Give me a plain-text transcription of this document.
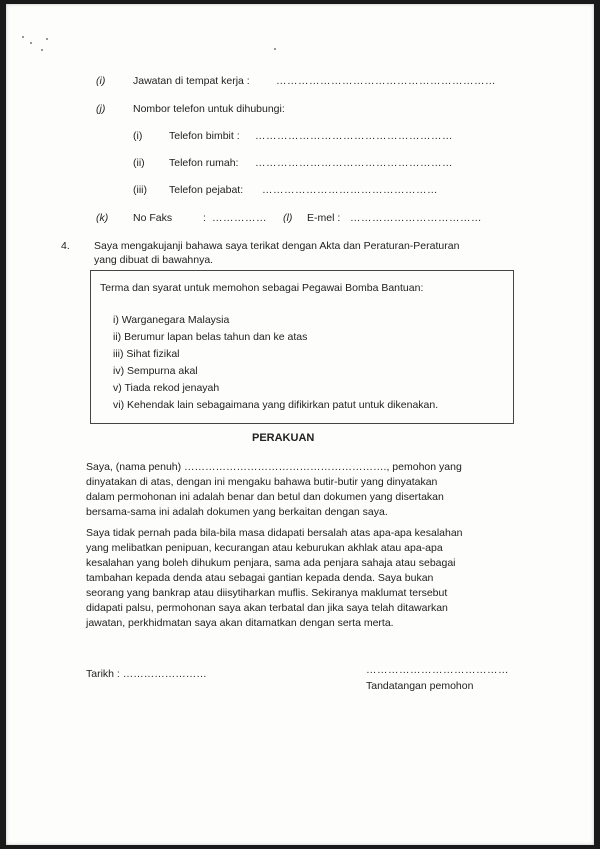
(i)	Jawatan di tempat kerja :	……………………………………………………
(j)	Nombor telefon untuk dihubungi:
(i)	Telefon bimbit : ………………………………………………
(ii) Telefon rumah: ………………………………………………
(iii) Telefon pejabat: …………………………………………
(k) No Faks	: …………… (l) E-mel : ………………………………
4. Saya mengakujanji bahawa saya terikat dengan Akta dan Peraturan-Peraturan
yang dibuat di bawahnya.
Terma dan syarat untuk memohon sebagai Pegawai Bomba Bantuan:
i) Warganegara Malaysia
ii) Berumur lapan belas tahun dan ke atas
iii) Sihat fizikal
iv) Sempurna akal
v) Tiada rekod jenayah
vi) Kehendak lain sebagaimana yang difikirkan patut untuk dikenakan.
PERAKUAN
Saya, (nama penuh) …………………………………………………., pemohon yang
dinyatakan di atas, dengan ini mengaku bahawa butir-butir yang dinyatakan
dalam permohonan ini adalah benar dan betul dan dokumen yang disertakan
bersama-sama ini adalah dokumen yang berkaitan dengan saya.
Saya tidak pernah pada bila-bila masa didapati bersalah atas apa-apa kesalahan
yang melibatkan penipuan, kecurangan atau keburukan akhlak atau apa-apa
kesalahan yang boleh dihukum penjara, sama ada penjara sahaja atau sebagai
tambahan kepada denda atau sebagai gantian kepada denda. Saya bukan
seorang yang bankrap atau diisytiharkan muflis. Sekiranya maklumat tersebut
didapati palsu, permohonan saya akan terbatal dan jika saya telah ditawarkan
jawatan, perkhidmatan saya akan ditamatkan dengan serta merta.
Tarikh : ……………………	…………………………………
Tandatangan pemohon
